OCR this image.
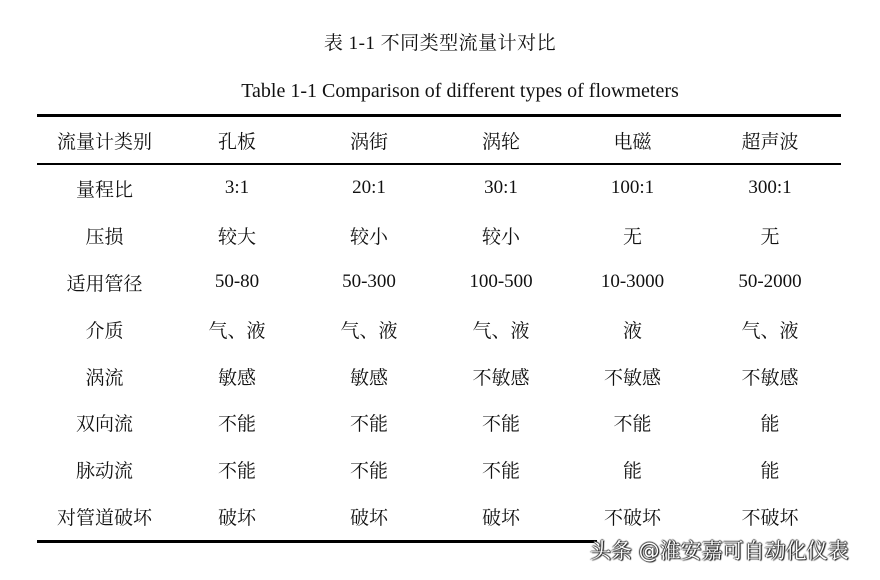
表 1-1 不同类型流量计对比
Table 1-1 Comparison of different types of flowmeters
流量计类别	孔板	涡街	涡轮	电磁	超声波
量程比	3:1	20:1	30:1	100:1	300:1
压损	较大	较小	较小	无	无
适用管径	50-80	50-300	100-500	10-3000	50-2000
介质	气、液	气、液	气、液	液	气、液
涡流	敏感	敏感	不敏感	不敏感	不敏感
双向流	不能	不能	不能	不能	能
脉动流	不能	不能	不能	能	能
对管道破坏	破坏	破坏	破坏	不破坏	不破坏
头条 @淮安嘉可自动化仪表
